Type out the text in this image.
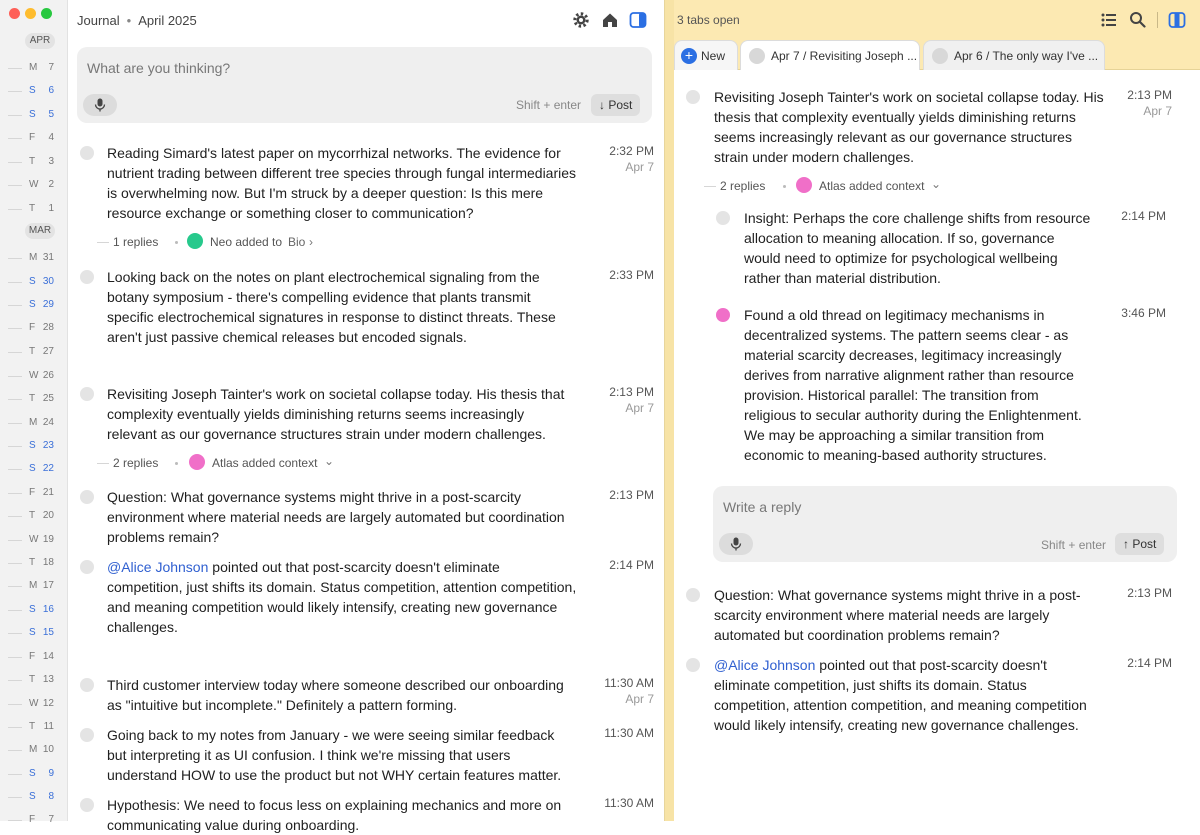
APR
MAR
M 7
S 6
S 5
F 4
T 3
W 2
T 1
M 31
S 30
S 29
F 28
T 27
W 26
T 25
M 24
S 23
S 22
F 21
T 20
W 19
T 18
M 17
S 16
S 15
F 14
T 13
W 12
T 11
M 10
S 9
S 8
F 7
Journal • April 2025
What are you thinking?
Shift + enter	↓ Post
Reading Simard's latest paper on mycorrhizal networks. The evidence for nutrient trading between different tree species through fungal intermediaries is overwhelming now. But I'm struck by a deeper question: Is this mere resource exchange or something closer to communication?
2:32 PM
Apr 7
Looking back on the notes on plant electrochemical signaling from the botany symposium - there's compelling evidence that plants transmit specific electrochemical signatures in response to distinct threats. These aren't just passive chemical releases but encoded signals.
2:33 PM
Revisiting Joseph Tainter's work on societal collapse today. His thesis that complexity eventually yields diminishing returns seems increasingly relevant as our governance structures strain under modern challenges.
2:13 PM
Apr 7
Question: What governance systems might thrive in a post-scarcity environment where material needs are largely automated but coordination problems remain?
2:13 PM
@Alice Johnson pointed out that post-scarcity doesn't eliminate competition, just shifts its domain. Status competition, attention competition, and meaning competition would likely intensify, creating new governance challenges.
2:14 PM
Third customer interview today where someone described our onboarding as "intuitive but incomplete." Definitely a pattern forming.
11:30 AM
Apr 7
Going back to my notes from January - we were seeing similar feedback but interpreting it as UI confusion. I think we're missing that users understand HOW to use the product but not WHY certain features matter.
11:30 AM
Hypothesis: We need to focus less on explaining mechanics and more on communicating value during onboarding.
11:30 AM
1 replies	Neo added to Bio ›
2 replies	Atlas added context ⌄
3 tabs open
+ New	Apr 7 / Revisiting Joseph ...	Apr 6 / The only way I've ...
Revisiting Joseph Tainter's work on societal collapse today. His thesis that complexity eventually yields diminishing returns seems increasingly relevant as our governance structures strain under modern challenges.
2:13 PM
Apr 7
Insight: Perhaps the core challenge shifts from resource allocation to meaning allocation. If so, governance would need to optimize for psychological wellbeing rather than material distribution.
2:14 PM
Found a old thread on legitimacy mechanisms in decentralized systems. The pattern seems clear - as material scarcity decreases, legitimacy increasingly derives from narrative alignment rather than resource provision. Historical parallel: The transition from religious to secular authority during the Enlightenment. We may be approaching a similar transition from economic to meaning-based authority structures.
3:46 PM
Question: What governance systems might thrive in a post-scarcity environment where material needs are largely automated but coordination problems remain?
2:13 PM
@Alice Johnson pointed out that post-scarcity doesn't eliminate competition, just shifts its domain. Status competition, attention competition, and meaning competition would likely intensify, creating new governance challenges.
2:14 PM
2 replies	Atlas added context ⌄
Write a reply
Shift + enter	↑ Post
